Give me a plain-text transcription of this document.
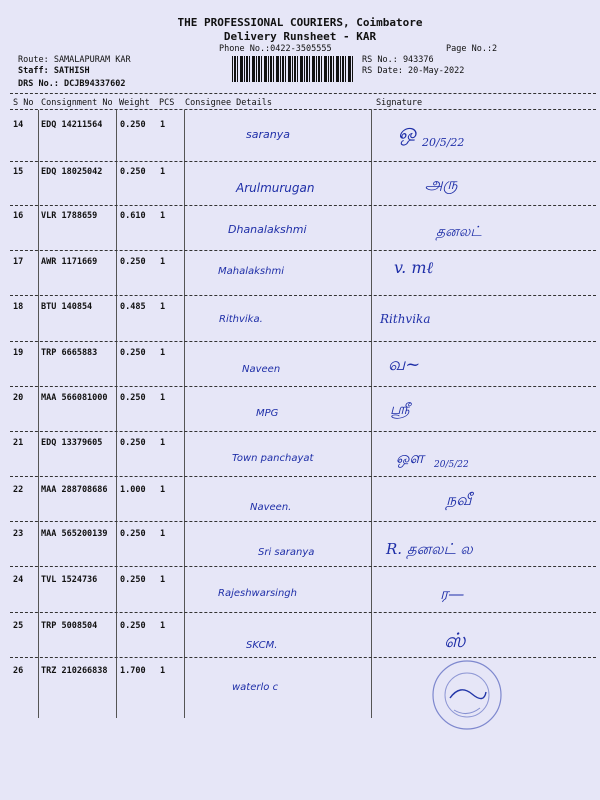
THE PROFESSIONAL COURIERS, Coimbatore
Delivery Runsheet - KAR
Phone No.:0422-3505555	Page No.:2
Route: SAMALAPURAM KAR
Staff: SATHISH
DRS No.: DCJB94337602
RS No.: 943376
RS Date: 20-May-2022
S No Consignment No Weight PCS Consignee Details	Signature
14 EDQ 14211564 0.250 1
saranya	ஒ 20/5/22
15 EDQ 18025042 0.250 1
Arulmurugan	அரு
16 VLR 1788659	0.610 1
Dhanalakshmi	தனலட்
17 AWR 1171669	0.250 1
Mahalakshmi	v. mℓ
18 BTU 140854	0.485 1
Rithvika.	Rithvika
19 TRP 6665883	0.250 1
Naveen	வ~
20 MAA 566081000 0.250 1
MPG	ஸ்ரீ
21 EDQ 13379605 0.250 1
Town panchayat	ஒள 20/5/22
22 MAA 288708686 1.000 1
Naveen.	நவீ
23 MAA 565200139 0.250 1
Sri saranya	R. தனலட் ல
24 TVL 1524736	0.250 1
Rajeshwarsingh	ர—
25 TRP 5008504	0.250 1
SKCM.	ஸ்
26 TRZ 210266838 1.700 1
waterlo c
